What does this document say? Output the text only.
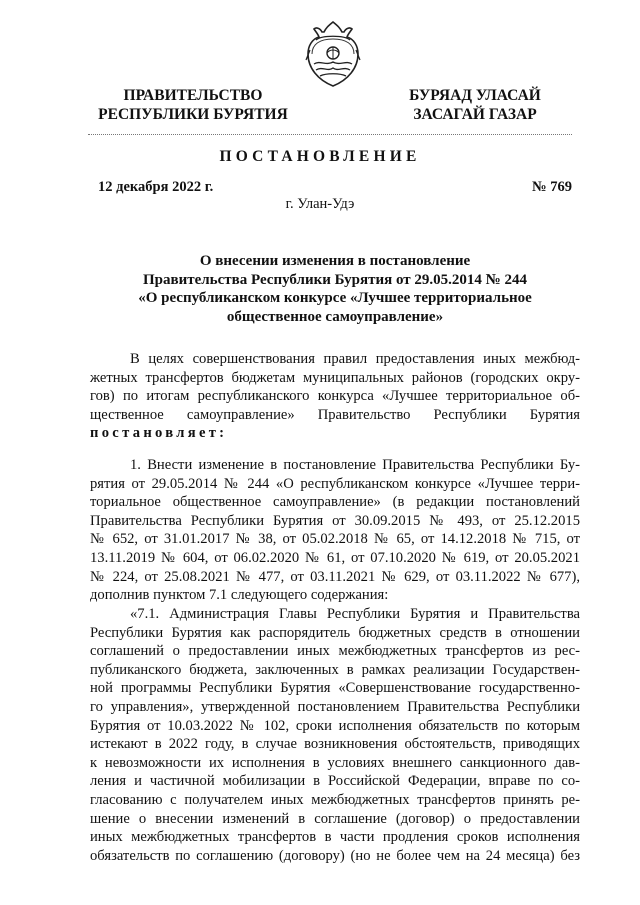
ПРАВИТЕЛЬСТВО
РЕСПУБЛИКИ БУРЯТИЯ
БУРЯАД УЛАСАЙ
ЗАСАГАЙ ГАЗАР
ПОСТАНОВЛЕНИЕ
12 декабря 2022 г.	№ 769
г. Улан-Удэ
О внесении изменения в постановление
Правительства Республики Бурятия от 29.05.2014 № 244
«О республиканском конкурсе «Лучшее территориальное
общественное самоуправление»
В целях совершенствования правил предоставления иных межбюд-
жетных трансфертов бюджетам муниципальных районов (городских окру-
гов) по итогам республиканского конкурса «Лучшее территориальное об-
щественное самоуправление» Правительство Республики Бурятия
постановляет:
1. Внести изменение в постановление Правительства Республики Бу-
рятия от 29.05.2014 № 244 «О республиканском конкурсе «Лучшее терри-
ториальное общественное самоуправление» (в редакции постановлений
Правительства Республики Бурятия от 30.09.2015 № 493, от 25.12.2015
№ 652, от 31.01.2017 № 38, от 05.02.2018 № 65, от 14.12.2018 № 715, от
13.11.2019 № 604, от 06.02.2020 № 61, от 07.10.2020 № 619, от 20.05.2021
№ 224, от 25.08.2021 № 477, от 03.11.2021 № 629, от 03.11.2022 № 677),
дополнив пунктом 7.1 следующего содержания:
«7.1. Администрация Главы Республики Бурятия и Правительства
Республики Бурятия как распорядитель бюджетных средств в отношении
соглашений о предоставлении иных межбюджетных трансфертов из рес-
публиканского бюджета, заключенных в рамках реализации Государствен-
ной программы Республики Бурятия «Совершенствование государственно-
го управления», утвержденной постановлением Правительства Республики
Бурятия от 10.03.2022 № 102, сроки исполнения обязательств по которым
истекают в 2022 году, в случае возникновения обстоятельств, приводящих
к невозможности их исполнения в условиях внешнего санкционного дав-
ления и частичной мобилизации в Российской Федерации, вправе по со-
гласованию с получателем иных межбюджетных трансфертов принять ре-
шение о внесении изменений в соглашение (договор) о предоставлении
иных межбюджетных трансфертов в части продления сроков исполнения
обязательств по соглашению (договору) (но не более чем на 24 месяца) без
